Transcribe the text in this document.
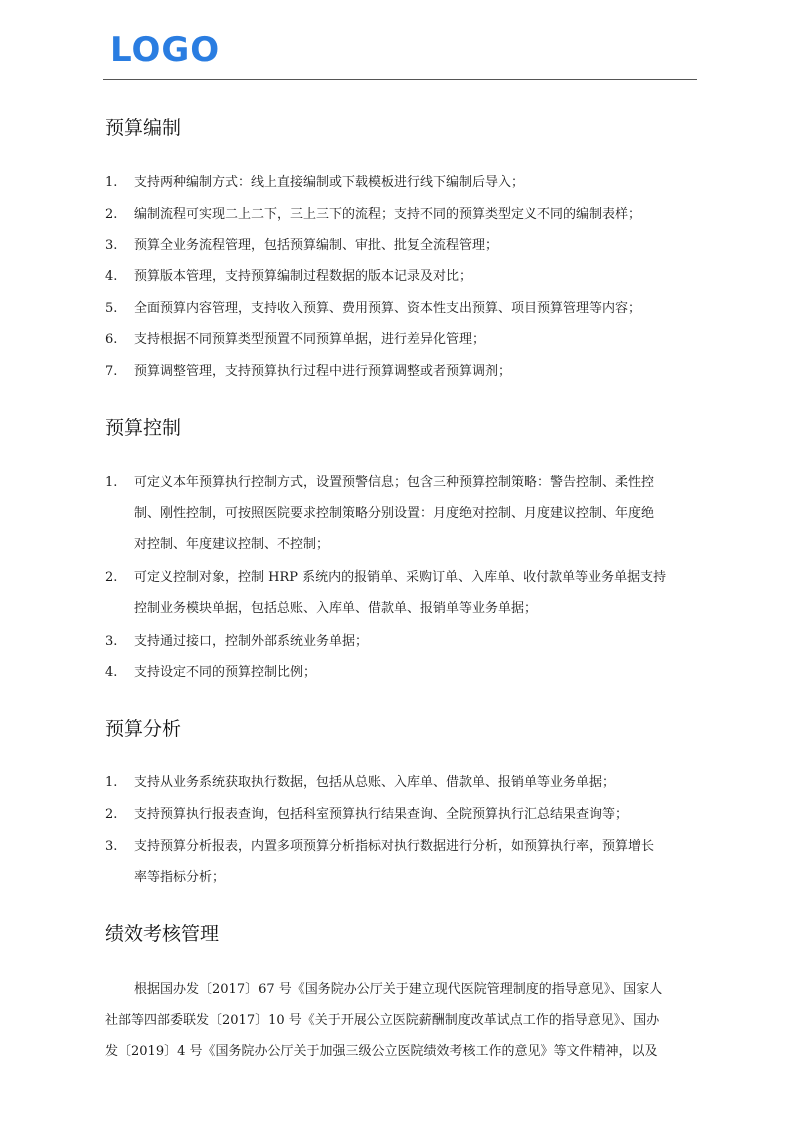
LOGO
预算编制
1. 支持两种编制方式：线上直接编制或下载模板进行线下编制后导入；
2. 编制流程可实现二上二下，三上三下的流程；支持不同的预算类型定义不同的编制表样；
3. 预算全业务流程管理，包括预算编制、审批、批复全流程管理；
4. 预算版本管理，支持预算编制过程数据的版本记录及对比；
5. 全面预算内容管理，支持收入预算、费用预算、资本性支出预算、项目预算管理等内容；
6. 支持根据不同预算类型预置不同预算单据，进行差异化管理；
7. 预算调整管理，支持预算执行过程中进行预算调整或者预算调剂；
预算控制
1. 可定义本年预算执行控制方式，设置预警信息；包含三种预算控制策略：警告控制、柔性控
制、刚性控制，可按照医院要求控制策略分别设置：月度绝对控制、月度建议控制、年度绝
对控制、年度建议控制、不控制；
2. 可定义控制对象，控制 HRP 系统内的报销单、采购订单、入库单、收付款单等业务单据支持
控制业务模块单据，包括总账、入库单、借款单、报销单等业务单据；
3. 支持通过接口，控制外部系统业务单据；
4. 支持设定不同的预算控制比例；
预算分析
1. 支持从业务系统获取执行数据，包括从总账、入库单、借款单、报销单等业务单据；
2. 支持预算执行报表查询，包括科室预算执行结果查询、全院预算执行汇总结果查询等；
3. 支持预算分析报表，内置多项预算分析指标对执行数据进行分析，如预算执行率，预算增长
率等指标分析；
绩效考核管理

根据国办发〔2017〕67 号《国务院办公厅关于建立现代医院管理制度的指导意见》、国家人
社部等四部委联发〔2017〕10 号《关于开展公立医院薪酬制度改革试点工作的指导意见》、国办
发〔2019〕4 号《国务院办公厅关于加强三级公立医院绩效考核工作的意见》等文件精神，以及
